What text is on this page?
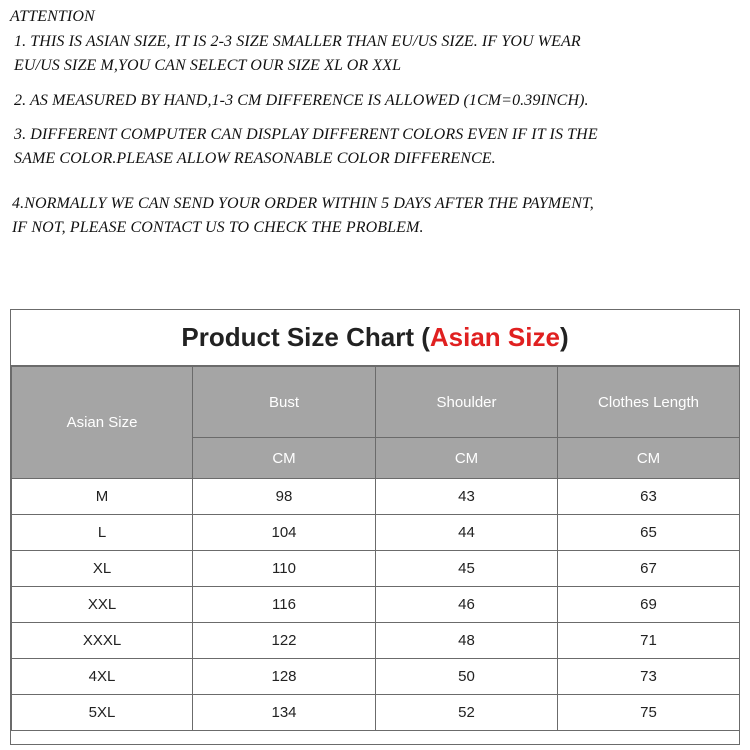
ATTENTION
1. THIS IS ASIAN SIZE, IT IS 2-3 SIZE SMALLER THAN EU/US SIZE. IF YOU WEAR
EU/US SIZE M,YOU CAN SELECT OUR SIZE XL OR XXL
2. AS MEASURED BY HAND,1-3 CM DIFFERENCE IS ALLOWED (1CM=0.39INCH).
3. DIFFERENT COMPUTER CAN DISPLAY DIFFERENT COLORS EVEN IF IT IS THE
SAME COLOR.PLEASE ALLOW REASONABLE COLOR DIFFERENCE.
4.NORMALLY WE CAN SEND YOUR ORDER WITHIN 5 DAYS AFTER THE PAYMENT,
IF NOT, PLEASE CONTACT US TO CHECK THE PROBLEM.
Product Size Chart ( Asian Size )
Asian Size	Bust	Shoulder	Clothes Length
	CM	CM	CM
M	98	43	63
L	104	44	65
XL	110	45	67
XXL	116	46	69
XXXL	122	48	71
4XL	128	50	73
5XL	134	52	75
